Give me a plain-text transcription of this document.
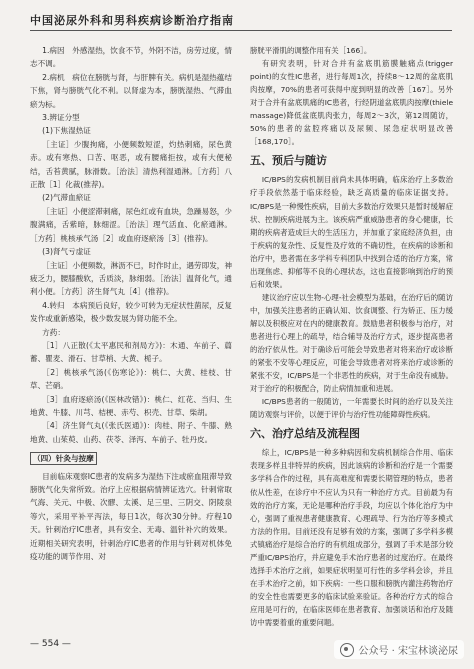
中国泌尿外科和男科疾病诊断治疗指南

1.病因　外感湿热，饮食不节，外阴不洁，房劳过度，情志不调。

2.病机　病位在膀胱与肾，与肝脾有关。病机是湿热蕴结下焦，肾与膀胱气化不利。以肾虚为本，膀胱湿热、气滞血瘀为标。

3.辨证分型

(1)下焦湿热证

［主证］少腹拘痛，小便频数短涩，灼热刺痛，尿色黄赤。或有寒热、口苦、呕恶，或有腰痛拒按，或有大便秘结，舌苔黄腻，脉滑数。［治法］清热利湿通淋。［方药］八正散［1］化裁(推荐)。

(2)气滞血瘀证

［主证］小便涩滞刺痛，尿色红或有血块，急躁易怒，少腹满痛，舌紫暗，脉细涩。［治法］理气活血、化瘀通淋。［方药］桃核承气汤［2］或血府逐瘀汤［3］(推荐)。

(3)肾气亏虚证

［主证］小便频数，淋沥不已，时作时止，遇劳即发，神疲乏力，腰膝酸软，舌质淡，脉细弱。［治法］温肾化气，通利小便。［方药］济生肾气丸［4］(推荐)。

4.转归　本病预后良好，较少可转为无症状性菌尿，反复发作或重新感染，极少数发展为肾功能不全。

方药：

［1］八正散(《太平惠民和剂局方》)：木通、车前子、萹蓄、瞿麦、滑石、甘草梢、大黄、栀子。

［2］桃核承气汤(《伤寒论》)：桃仁、大黄、桂枝、甘草、芒硝。

［3］血府逐瘀汤(《医林改错》)：桃仁、红花、当归、生地黄、牛膝、川芎、桔梗、赤芍、枳壳、甘草、柴胡。

［4］济生肾气丸(《张氏医通》)：肉桂、附子、牛膝、熟地黄、山茱萸、山药、茯苓、泽泻、车前子、牡丹皮。

（四）针灸与按摩

目前临床观察IC患者的发病多为湿热下注或瘀血阻滞导致膀胱气化失常所致。治疗上应根据病情辨证选穴。针刺常取气海、关元、中极、次髎、太溪、足三里、三阴交、阴陵泉等穴，采用平补平泻法，每日1次，每次30分钟。疗程10天。针刺治疗IC患者，具有安全、无毒、温针补穴的效果。近期相关研究表明，针刺治疗IC患者的作用与针刺对机体免疫功能的调节作用、对

膀胱平滑肌的调整作用有关［166］。

有研究表明，针对合并有盆底肌筋膜触痛点(trigger point)的女性IC患者，进行每周1次，持续8～12周的盆底肌肉按摩，70%的患者可获得中度到明显的改善［167］。另外对于合并有盆底肌痛的IC患者，行经阴道盆底肌肉按摩(thiele massage)降低盆底肌肉张力，每周2～3次，第12周随访，50%的患者的盆腔疼痛以及尿频、尿急症状明显改善［168,170］。

五、预后与随访

IC/BPS的发病机制目前尚未具体明确，临床治疗上多数治疗手段依然基于临床经验，缺乏高质量的临床证据支持。IC/BPS是一种慢性疾病，目前大多数治疗效果只是暂时缓解症状、控制疾病进展为主。该疾病严重威胁患者的身心健康，长期的疾病者造成巨大的生活压力，并加重了家庭经济负担，由于疾病的复杂性、反复性及疗效的不确切性，在疾病的诊断和治疗中，患者需在多学科专科团队中找到合适的治疗方案，常出现焦虑、抑郁等不良的心理状态，这也直接影响到治疗的预后和效果。

建议治疗应以生物-心理-社会模型为基础，在治疗后的随访中，加强关注患者的正确认知、饮食调整、行为矫正、压力缓解以及积极应对在内的健康教育。鼓励患者积极参与治疗，对患者进行心理上的疏导，结合辅导及治疗方式，逐步提高患者的治疗依从性。对于确诊后可能会导致患者对将来治疗或诊断的紧张不安等心理反应，可能会导致患者对将来治疗或诊断的紧张不安，IC/BPS是一个非恶性的疾病，对于生命没有威胁。对于治疗的积极配合，防止病情加重和进展。

IC/BPS患者的一般随访，一年需要长时间的治疗以及关注随访观察与评价，以便于评价与治疗性功能障碍性疾病。

六、治疗总结及流程图

综上，IC/BPS是一种多种病因和发病机制综合作用、临床表现多样且非特异的疾病，因此该病的诊断和治疗是一个需要多学科合作的过程，具有高难度和需要长期管理的特点，患者依从性差，在诊疗中不应认为只有一种治疗方式。目前最为有效的治疗方案，无论是哪种治疗手段，均应以个体化治疗为中心，强调了重视患者健康教育、心理疏导、行为治疗等多模式方法的作用。目前还没有足够有效的方案，强调了多学科多模式镇痛治疗是综合治疗的有机组成部分，强调了手术是部分较严重IC/BPS治疗，并应避免手术治疗患者的过度治疗。在最终选择手术治疗之前，如果症状明显可行性的多学科会诊，并且在手术治疗之前，如下疾病：一些口服和膀胱内灌注药物治疗的安全性也需要更多的临床试验来验证。各种治疗方式的综合应用是可行的，在临床医师在患者教育、加强谈话和治疗及随访中需要着重的重要问题。

— 554 —
公众号 · 宋宝林谈泌尿
